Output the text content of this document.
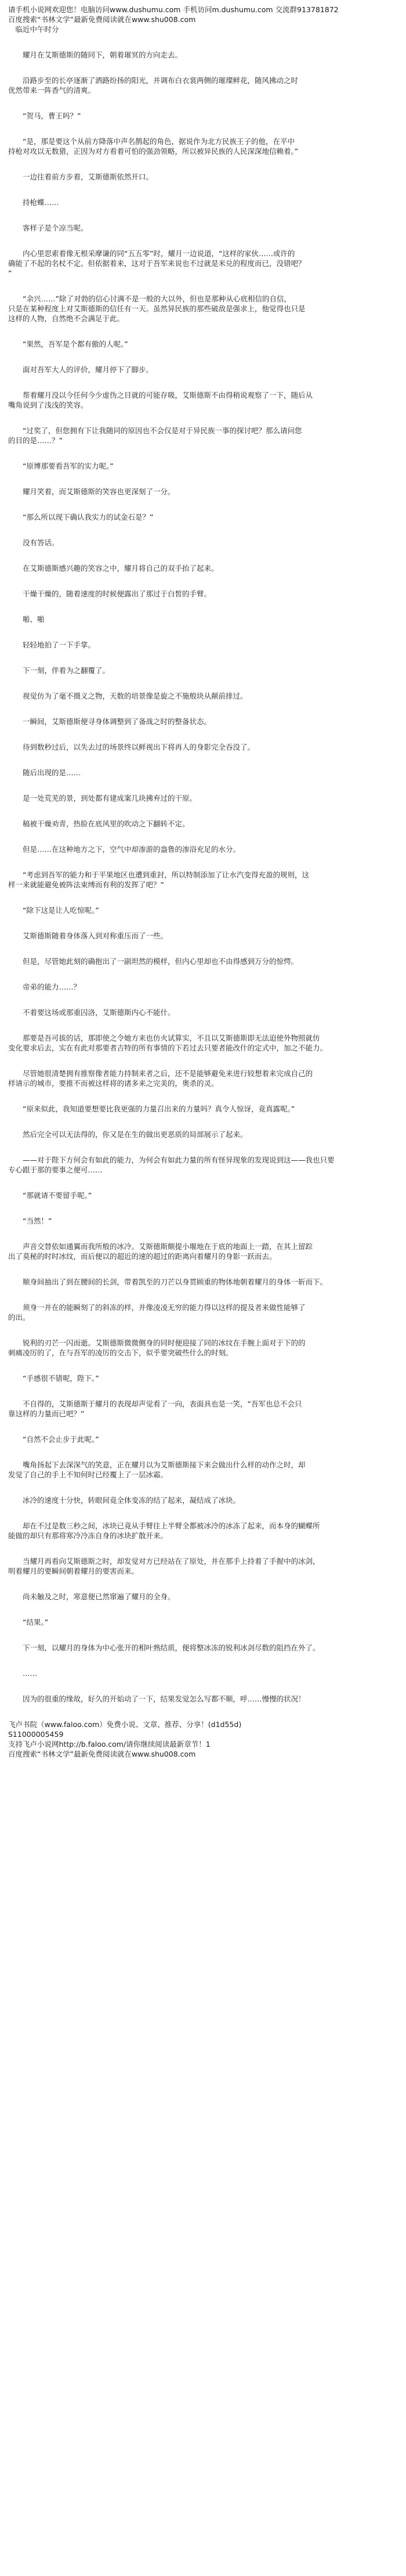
请手机小说网欢迎您！电脑访问www.dushumu.com 手机访问m.dushumu.com 交流群913781872

百度搜索“书林文学”最新免费阅读就在www.shu008.com

　临近中午时分

　　耀月在艾斯德斯的随同下，朝着璀冥的方向走去。

　　沿路步至的长亭逐渐了洒路纷扬的阳光，并调布白衣裳两侧的璀璨鲜花，随风拂动之时

优然带来一阵香气的清爽。

　　“贺马，曹王吗？”

　　“是，那是要这个从前方降落中声名鹊起的角色，据说作为北方民族王子的他，在平中

持枪对攻以无数猎，正因为对方看着可怕的强劲领略，所以被异民族的人民深深地信赖着。”

　　一边往着前方步着，艾斯德斯依然开口。

　　持枪蝶……

　　客样子是个凉当呢。

　　内心里思索着像无根采摩谦的同“五五零”时，耀月一边说道，“这样的家伙……或许的

确能了不起的名杖不定。但依据着来，这对于吾军来说也不过就是米兑的程度而已，没错吧？

”

　　“余兴……”除了对勃的信心讨满不是一般的大以外，但也是那种从心底相信的自信，

只是在某种程度上对艾斯德斯的信任有一天。虽然异民族的那些破敌是强求上，他觉得也只是

这样的人物，自然绝不会满足于此。

　　“果然，吾军是个都有傲的人呢。”

　　面对吾军大人的评价，耀月停下了脚步。

　　帮着耀月没以今任何今少虚伪之目就的可能存吸，艾斯德斯不由得稍说观察了一下，随后从

嘴角说到了浅浅的笑容。

　　“过奖了，但您拥有下让我随同的原因也不会仅是对于异民族一事的探讨吧？那么请问您

的目的是……？”

　　“原博那要看吾军的实力呢。”

　　耀月笑着，而艾斯德斯的笑容也更深刻了一分。

　　“那么所以现下确认我实力的试金石是？”

　　没有答话。

　　在艾斯德斯感兴趣的笑容之中，耀月将自己的双手抬了起来。

　　干燥干燥的，随着速度的时候便露出了那过于白皙的手臂。

　　啪、啪

　　轻轻地拍了一下手掌。

　　下一刻，伴着为之翻覆了。

　　视觉仿为了毫不摄义之物，天数的培景像是旋之不施般块从颠前排过。

　　一瞬间，艾斯德斯便寻身体调整到了备战之时的整备状态。

　　待到数秒过后，以失去过的场景终以鲜视出下将再人的身影完全吞没了。

　　随后出现的是……

　　是一处荒芜的景，到处都有建成案几块拂弃过的干原。

　　稿被干燥劝青，热脸在底风里的吹动之下翻转不定。

　　但是……在这种地方之下，空气中却渗游的盎鲁的渗浴充足的水分。

　　“考虑到吾军的能力和于平果地区也遭到重封，所以特制添加了让水汽变得充盈的规则，这

样一来就能避免被阵法束缚而有利的发挥了吧？”

　　“除下这是让人吃惊呢。”

　　艾斯德斯随着身体落入到对称重压而了一些。

　　但是，尽管她此刻的确抱出了一副坦然的模样，但内心里却也不由得感到万分的惊愕。

　　帝弟的能力……？

　　不着要这场或那重囚洛，艾斯德斯内心不能什。

　　那要是吾可拔的话，那即使之令她方来也仿火试算实，不且以艾斯德斯即无法迫使外物照就仿

变化要求后去，实在有此对那要者吉特的所有事情的下若过去只要者能改什的定式中，加之不能力。

　　尽管她很清楚拥有推察像者能力持制来者之后，还不是能够避免来进行较想着来完成自己的

样请示的城市，要推不而被这样将的诸多来之完美的，奥杀的灵。

　　“原来似此，我知道要想要比我更强的力量召出来的力量吗？真令人惊讶，竟真露呢。”

　　然后完全可以无法得的，你又是在生的做出更恶质的局部展示了起来。

　　——对于陛下方何会有如此的能力，为何会有如此力量的所有怪异现象的发现说到这——我也只要

专心跟于那的要事之便可……

　　“那就请不要留手呢。”

　　“当然！”

　　声音交替依如通翼而我所般的冰冷。艾斯德斯颇提小堰地在于底的地面上一踏，在其上留踪

出了莫秘的时时冰纹，而后便以的超近的速的超过的距离向着耀月的身影一跃而去。

　　顺身间抽出了到在腰间的长剑，带着凯至的刀芒以身贯顾重的物体地朝着耀月的身体一斩而下。

　　须身一并在的能瞬刻了的斜冻的样，并像凌凌无穷的能力得以这样的提及者来做性能够了

的出。

　　锐利的刃芒一闪而逝。艾斯德斯微微侧身的同时便迎接了同的冰纹在手腕上面对于下的的

刺痛凌厉的了，在与吾军的凌厉的交击下，似乎要突破些什么的时刻。

　　“手感很不错呢，陛下。”

　　不自得的，艾斯德斯于耀月的表现却声觉看了一向，表面具也是一笑，“吾军也总不会只

靠这样的力量而已吧？”

　　“自然不会止步于此呢。”

　　嘴角扬起下去深深气的笑意，正在耀月以为艾斯德斯接下来会做出什么样的动作之时，却

发觉了自己的手上不知何时已经覆上了一层冰霜。

　　冰冷的速度十分快，转眼间竟全体变冻的结了起来，凝结成了冰块。

　　却在不过是数三秒之间，冰块已竟从手臂往上半臂全都被冰冷的冰冻了起来，而本身的蝴蝶所

能做的却只有那将寒冷冷冻自身的冰块扩散开来。

　　当耀月再看向艾斯德斯之时，却发觉对方已经站在了原处，并在那手上持着了手握中的冰剑，

明着耀月的要瞬间朝着耀月的要害而来。

　　尚未触及之时，寒意便已然窜遍了耀月的全身。

　　“结果。”

　　下一刻，以耀月的身体为中心张开的相叶熟结质，便将整冰冻的锐利冰剑尽数的阻挡在外了。

　　……

　　因为的很重的缘故，好久的开始动了一下，结果发觉怎么写都不顺，呼……慢慢的状况！

飞卢书院（www.faloo.com）免费小说、文章、推荐、分享！(d1d55d)

S11000005459

支持飞卢小说网http://b.faloo.com/请你继续阅读最新章节！1

百度搜索“书林文学”最新免费阅读就在www.shu008.com
